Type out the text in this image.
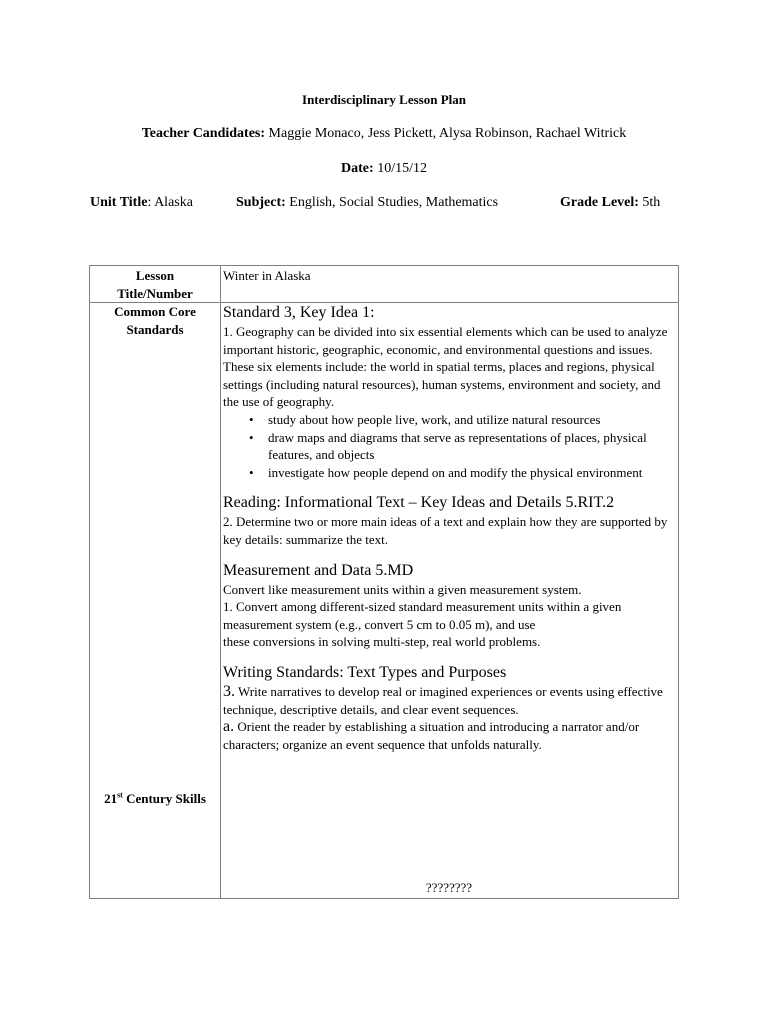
Interdisciplinary Lesson Plan
Teacher Candidates: Maggie Monaco, Jess Pickett, Alysa Robinson, Rachael Witrick
Date: 10/15/12
Unit Title: Alaska	Subject: English, Social Studies, Mathematics	Grade Level: 5th
Lesson
Title/Number
Winter in Alaska
Common Core
Standards
21st Century Skills
Standard 3, Key Idea 1:

1. Geography can be divided into six essential elements which can be used to analyze important historic, geographic, economic, and environmental questions and issues. These six elements include: the world in spatial terms, places and regions, physical settings (including natural resources), human systems, environment and society, and the use of geography.

• study about how people live, work, and utilize natural resources
• draw maps and diagrams that serve as representations of places, physical features, and objects
• investigate how people depend on and modify the physical environment
Reading: Informational Text – Key Ideas and Details 5.RIT.2

2. Determine two or more main ideas of a text and explain how they are supported by key details: summarize the text.

Measurement and Data 5.MD

Convert like measurement units within a given measurement system.

1. Convert among different-sized standard measurement units within a given measurement system (e.g., convert 5 cm to 0.05 m), and use

these conversions in solving multi-step, real world problems.

Writing Standards: Text Types and Purposes

3. Write narratives to develop real or imagined experiences or events using effective technique, descriptive details, and clear event sequences.

a. Orient the reader by establishing a situation and introducing a narrator and/or characters; organize an event sequence that unfolds naturally.

????????
